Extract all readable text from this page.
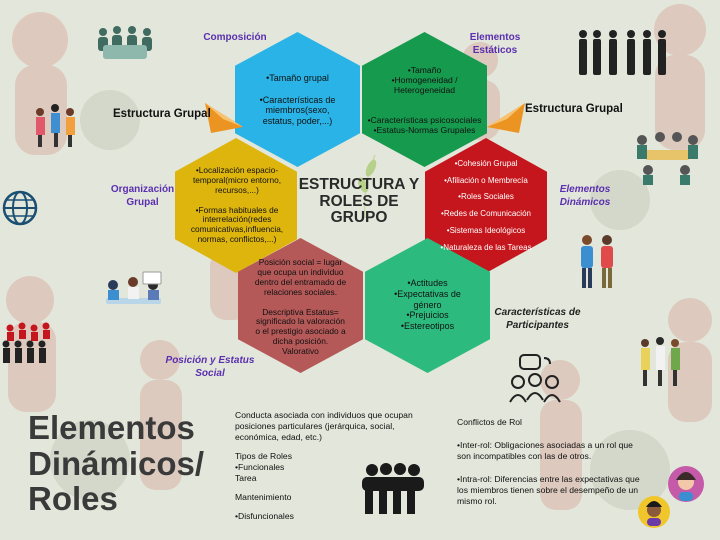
•Tamaño grupal

•Características de
miembros(sexo,
estatus, poder,...)
•Tamaño
•Homogeneidad /
Heterogeneidad

•Características psicosociales
•Estatus-Normas Grupales
•Localización espacio-
temporal(micro entorno,
recursos,...)

•Formas habituales de
interrelación(redes
comunicativas,influencia,
normas, conflictos,...)
•Cohesión Grupal

•Afiliación o Membrecía

•Roles Sociales

•Redes de Comunicación

•Sistemas Ideológicos

•Naturaleza de las Tareas
Posición social = lugar
que ocupa un individuo
dentro del entramado de
relaciones sociales.

Descriptiva Estatus=
significado la valoración
o el prestigio asociado a
dicha posición.
Valorativo
•Actitudes
•Expectativas de
género
•Prejuicios
•Estereotipos
ESTRUCTURA Y
ROLES DE
GRUPO
Composición	Elementos
Estáticos
Estructura Grupal	Estructura Grupal
Organización
Grupal
Elementos
Dinámicos
Características de
Participantes
Posición y Estatus
Social
Elementos
Dinámicos/
Roles

Conducta asociada con individuos que ocupan
posiciones particulares (jerárquica, social,
económica, edad, etc.)

Tipos de Roles
•Funcionales
Tarea

Mantenimiento

•Disfuncionales

Conflictos de Rol

•Inter-rol: Obligaciones asociadas a un rol que
son incompatibles con las de otros.

•Intra-rol: Diferencias entre las expectativas que
los miembros tienen sobre el desempeño de un
mismo rol.
